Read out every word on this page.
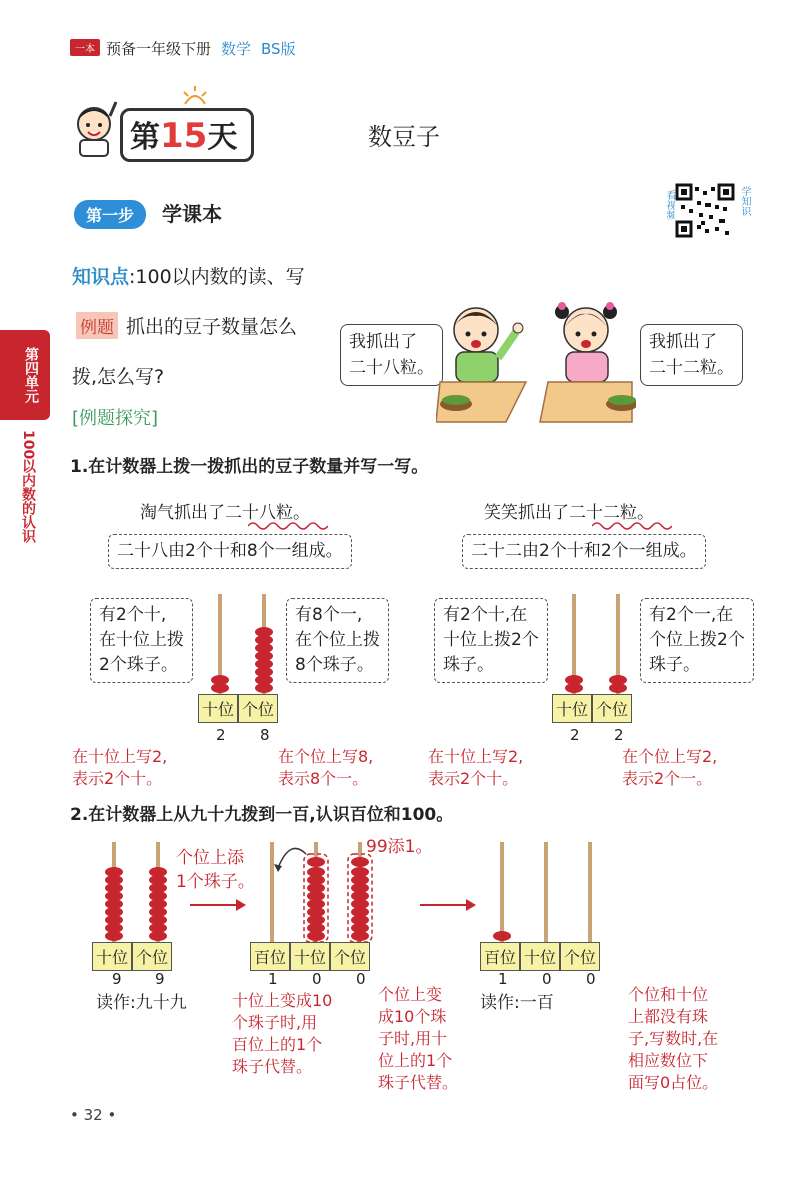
一本 预备一年级下册 数学 BS版
第15天	数豆子
第一步	学课本	看视频	学知识
第四单元
100以内数的认识
知识点:100以内数的读、写
例题 抓出的豆子数量怎么
拨,怎么写?
[例题探究]
我抓出了
二十八粒。
我抓出了
二十二粒。
1.在计数器上拨一拨抓出的豆子数量并写一写。
淘气抓出了二十八粒。
二十八由2个十和8个一组成。
有2个十,
在十位上拨
2个珠子。
有8个一,
在个位上拨
8个珠子。
十位 个位
2 8
在十位上写2,
表示2个十。
在个位上写8,
表示8个一。
笑笑抓出了二十二粒。
二十二由2个十和2个一组成。
有2个十,在
十位上拨2个
珠子。
有2个一,在
个位上拨2个
珠子。
十位 个位
2 2
在十位上写2,
表示2个十。
在个位上写2,
表示2个一。
2.在计数器上从九十九拨到一百,认识百位和100。
十位 个位
9 9
读作:九十九
个位上添
1个珠子。
99添1。
百位 十位 个位
1 0 0
十位上变成10
个珠子时,用
百位上的1个
珠子代替。
个位上变
成10个珠
子时,用十
位上的1个
珠子代替。
百位 十位 个位
1 0 0
读作:一百	个位和十位
上都没有珠
子,写数时,在
相应数位下
面写0占位。
• 32 •
